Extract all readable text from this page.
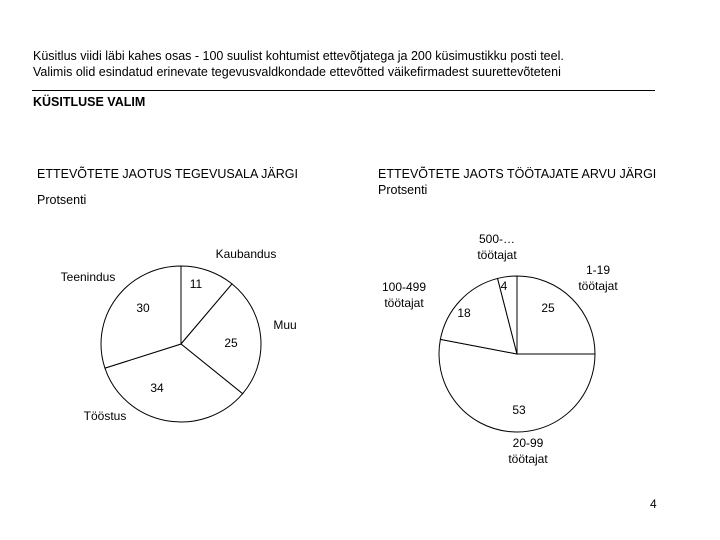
Küsitlus viidi läbi kahes osas - 100 suulist kohtumist ettevõtjatega ja 200 küsimustikku posti teel.
Valimis olid esindatud erinevate tegevusvaldkondade ettevõtted väikefirmadest suurettevõteteni
KÜSITLUSE VALIM
ETTEVÕTETE JAOTUS TEGEVUSALA JÄRGI
Protsenti
ETTEVÕTETE JAOTS TÖÖTAJATE ARVU JÄRGI
Protsenti
11
Kaubandus
25
Muu
34
Tööstus
30
Teenindus
25
1-19 töötajat
53
20-99 töötajat
18
100-499 töötajat
4
500-… töötajat
4
